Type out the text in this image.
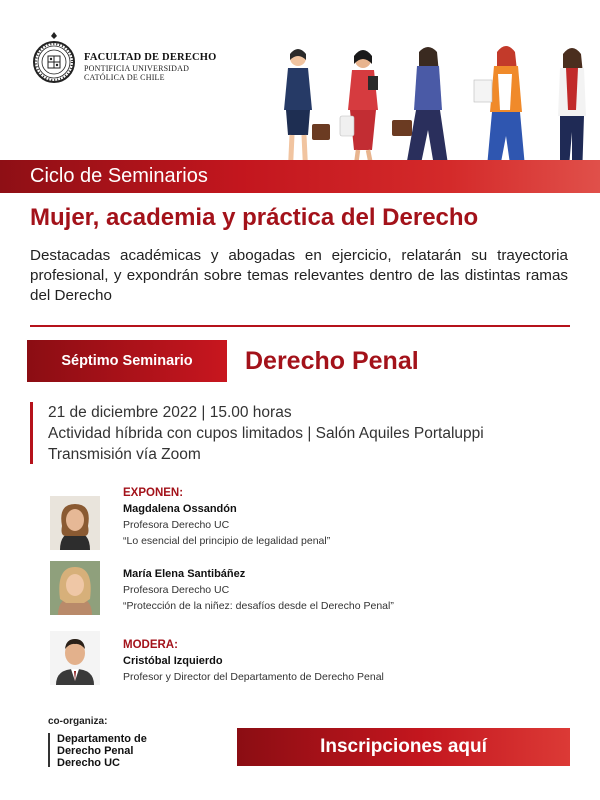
FACULTAD DE DERECHO
PONTIFICIA UNIVERSIDAD
CATÓLICA DE CHILE
Ciclo de Seminarios
Mujer, academia y práctica del Derecho
Destacadas académicas y abogadas en ejercicio, relatarán su trayectoria profesional, y expondrán sobre temas relevantes dentro de las distintas ramas del Derecho
Séptimo Seminario Derecho Penal
21 de diciembre 2022 | 15.00 horas
Actividad híbrida con cupos limitados | Salón Aquiles Portaluppi
Transmisión vía Zoom
EXPONEN:
Magdalena Ossandón
Profesora Derecho UC
“Lo esencial del principio de legalidad penal”
María Elena Santibáñez
Profesora Derecho UC
“Protección de la niñez: desafíos desde el Derecho Penal”
MODERA:
Cristóbal Izquierdo
Profesor y Director del Departamento de Derecho Penal
co-organiza:
Departamento de
Derecho Penal
Derecho UC
Inscripciones aquí
